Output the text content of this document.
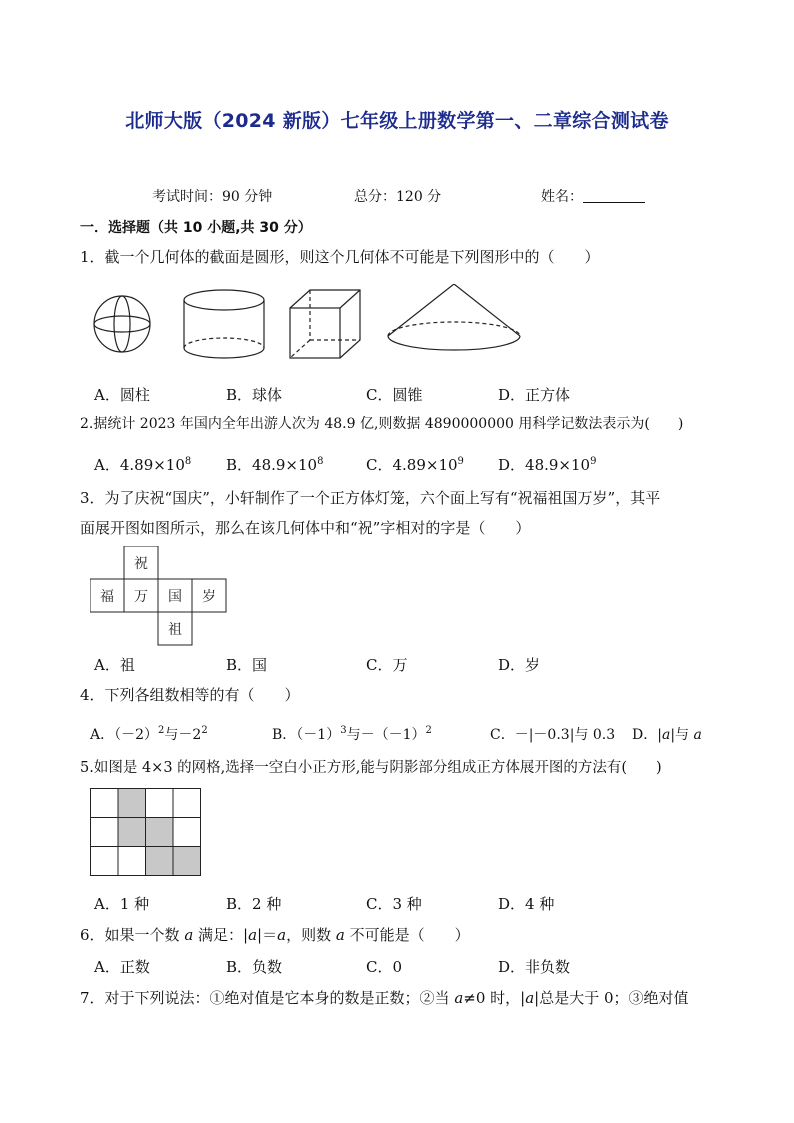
北师大版（2024 新版）七年级上册数学第一、二章综合测试卷
考试时间：90 分钟	总分：120 分	姓名：
一．选择题（共 10 小题,共 30 分）
1．截一个几何体的截面是圆形，则这个几何体不可能是下列图形中的（　　）
A．圆柱	B．球体	C．圆锥	D．正方体
2.据统计 2023 年国内全年出游人次为 48.9 亿,则数据 4890000000 用科学记数法表示为(　　)
A．$4.89\times 10^8$ B．$48.9\times 10^8$	C．$4.89\times 10^9$ D．$48.9\times 10^9$
3．为了庆祝“国庆”，小轩制作了一个正方体灯笼，六个面上写有“祝福祖国万岁”，其平
面展开图如图所示，那么在该几何体中和“祝”字相对的字是（　　）
祝
福 万 国 岁
祖
A．祖	B．国	C．万	D．岁
4．下列各组数相等的有（　　）
A．$(-2)^2$与$-2^2$	B．$(-1)^3$与$-(-1)^2$	C．－|－0.3|与 0.3 D．|a|与 a
5.如图是 4×3 的网格,选择一空白小正方形,能与阴影部分组成正方体展开图的方法有(　　)
A．1 种	B．2 种	C．3 种	D．4 种
6．如果一个数 a 满足：|a|＝a，则数 a 不可能是（　　）
A．正数	B．负数	C．0	D．非负数
7．对于下列说法：①绝对值是它本身的数是正数；②当 a≠0 时，|a|总是大于 0；③绝对值
